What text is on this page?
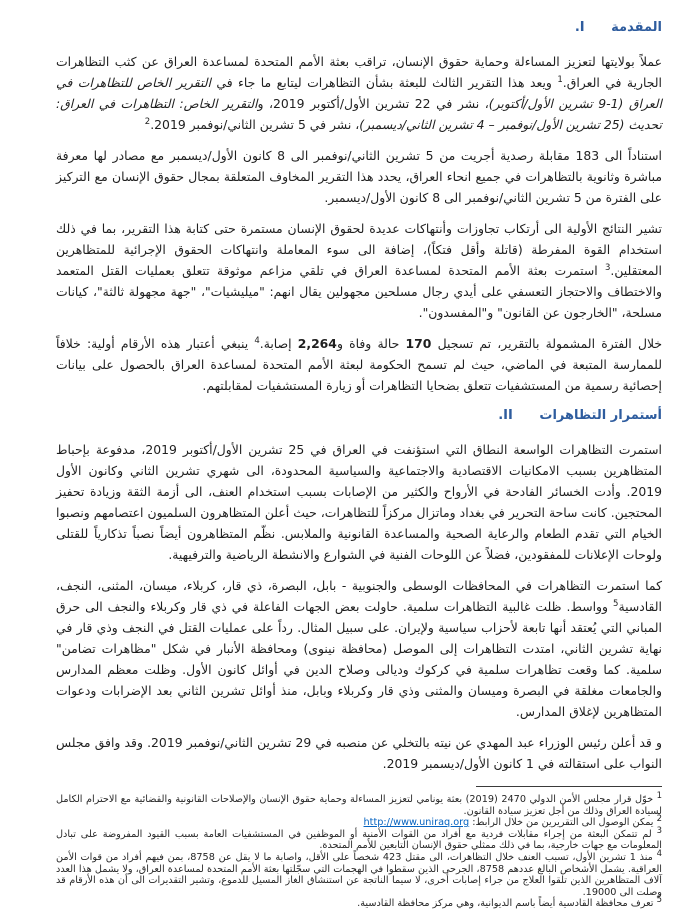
I. المقدمة

عملاً بولايتها لتعزيز المساءلة وحماية حقوق الإنسان، تراقب بعثة الأمم المتحدة لمساعدة العراق عن كثب التظاهرات الجارية في العراق.$^1$ ويعد هذا التقرير الثالث للبعثة بشأن التظاهرات ليتابع ما جاء في التقرير الخاص للتظاهرات في العراق (1-9 تشرين الأول/أكتوبر)، نشر في 22 تشرين الأول/أكتوبر 2019، والتقرير الخاص: التظاهرات في العراق: تحديث (25 تشرين الأول/نوفمبر – 4 تشرين الثاني/ديسمبر)، نشر في 5 تشرين الثاني/نوفمبر 2019.$^2$

استناداً الى 183 مقابلة رصدية أجريت من 5 تشرين الثاني/نوفمبر الى 8 كانون الأول/ديسمبر مع مصادر لها معرفة مباشرة وثانوية بالتظاهرات في جميع انحاء العراق، يحدد هذا التقرير المخاوف المتعلقة بمجال حقوق الإنسان مع التركيز على الفترة من 5 تشرين الثاني/نوفمبر الى 8 كانون الأول/ديسمبر.

تشير النتائج الأولية الى أرتكاب تجاوزات وأنتهاكات عديدة لحقوق الإنسان مستمرة حتى كتابة هذا التقرير، بما في ذلك استخدام القوة المفرطة (قاتلة وأقل فتكاً)، إضافة الى سوء المعاملة وانتهاكات الحقوق الإجرائية للمتظاهرين المعتقلين.$^3$ استمرت بعثة الأمم المتحدة لمساعدة العراق في تلقي مزاعم موثوقة تتعلق بعمليات القتل المتعمد والاختطاف والاحتجاز التعسفي على أيدي رجال مسلحين مجهولين يقال انهم: "ميليشيات"، "جهة مجهولة ثالثة"، كيانات مسلحة، "الخارجون عن القانون" و"المفسدون".

خلال الفترة المشمولة بالتقرير، تم تسجيل 170 حالة وفاة و2,264 إصابة.$^4$ ينبغي أعتبار هذه الأرقام أولية: خلافاً للممارسة المتبعة في الماضي، حيث لم تسمح الحكومة لبعثة الأمم المتحدة لمساعدة العراق بالحصول على بيانات إحصائية رسمية من المستشفيات تتعلق بضحايا التظاهرات أو زيارة المستشفيات لمقابلتهم.

II. أستمرار التظاهرات

استمرت التظاهرات الواسعة النطاق التي استؤنفت في العراق في 25 تشرين الأول/أكتوبر 2019، مدفوعة بإحباط المتظاهرين بسبب الامكانيات الاقتصادية والاجتماعية والسياسية المحدودة، الى شهري تشرين الثاني وكانون الأول 2019. وأدت الخسائر الفادحة في الأرواح والكثير من الإصابات بسبب استخدام العنف، الى أزمة الثقة وزيادة تحفيز المحتجين. كانت ساحة التحرير في بغداد وماتزال مركزاً للتظاهرات، حيث أعلن المتظاهرون السلميون اعتصامهم ونصبوا الخيام التي تقدم الطعام والرعاية الصحية والمساعدة القانونية والملابس. نظّم المتظاهرون أيضاً نصباً تذكارياً للقتلى ولوحات الإعلانات للمفقودين، فضلاً عن اللوحات الفنية في الشوارع والانشطة الرياضية والترفيهية.

كما استمرت التظاهرات في المحافظات الوسطى والجنوبية - بابل، البصرة، ذي قار، كربلاء، ميسان، المثنى، النجف، القادسية$^5$ وواسط. ظلت غالبية التظاهرات سلمية. حاولت بعض الجهات الفاعلة في ذي قار وكربلاء والنجف الى حرق المباني التي يُعتقد أنها تابعة لأحزاب سياسية ولإيران. على سبيل المثال. رداً على عمليات القتل في النجف وذي قار في نهاية تشرين الثاني، امتدت التظاهرات إلى الموصل (محافظة نينوى) ومحافظة الأنبار في شكل "مظاهرات تضامن" سلمية. كما وقعت تظاهرات سلمية في كركوك وديالى وصلاح الدين في أوائل كانون الأول. وظلت معظم المدارس والجامعات مغلقة في البصرة وميسان والمثنى وذي قار وكربلاء وبابل، منذ أوائل تشرين الثاني بعد الإضرابات ودعوات المتظاهرين لإغلاق المدارس.

و قد أعلن رئيس الوزراء عبد المهدي عن نيته بالتخلي عن منصبه في 29 تشرين الثاني/نوفمبر 2019. وقد وافق مجلس النواب على استقالته في 1 كانون الأول/ديسمبر 2019.

$^1$ خوّل قرار مجلس الأمن الدولي 2470 (2019) بعثة يونامي لتعزيز المساءلة وحماية حقوق الإنسان والإصلاحات القانونية والقضائية مع الاحترام الكامل لسيادة العراق وذلك من أجل تعزيز سيادة القانون.

$^2$ يمكن الوصول الى التقريرين من خلال الرابط: http://www.uniraq.org

$^3$ لم تتمكن البعثة من إجراء مقابلات فردية مع أفراد من القوات الأمنية أو الموظفين في المستشفيات العامة بسبب القيود المفروضة على تبادل المعلومات مع جهات خارجية، بما في ذلك ممثلي حقوق الإنسان التابعين للأمم المتحدة.

$^4$ منذ 1 تشرين الأول، تسبب العنف خلال التظاهرات، الى مقتل 423 شخصاً على الأقل، واصابة ما لا يقل عن 8758، بمن فيهم أفراد من قوات الأمن العراقية. يشمل الأشخاص البالغ عددهم 8758، الجرحى الذين سقطوا في الهجمات التي سجّلتها بعثة الأمم المتحدة لمساعدة العراق، ولا يشمل هذا العدد آلاف المتظاهرين الذين تلقوا العلاج من جراء إصابات أخرى، لا سيما الناتجة عن استنشاق الغاز المسيل للدموع، وتشير التقديرات الى أن هذه الأرقام قد وصلت الى 19000.

$^5$ تعرف محافظة القادسية أيضاً باسم الديوانية، وهي مركز محافظة القادسية.
